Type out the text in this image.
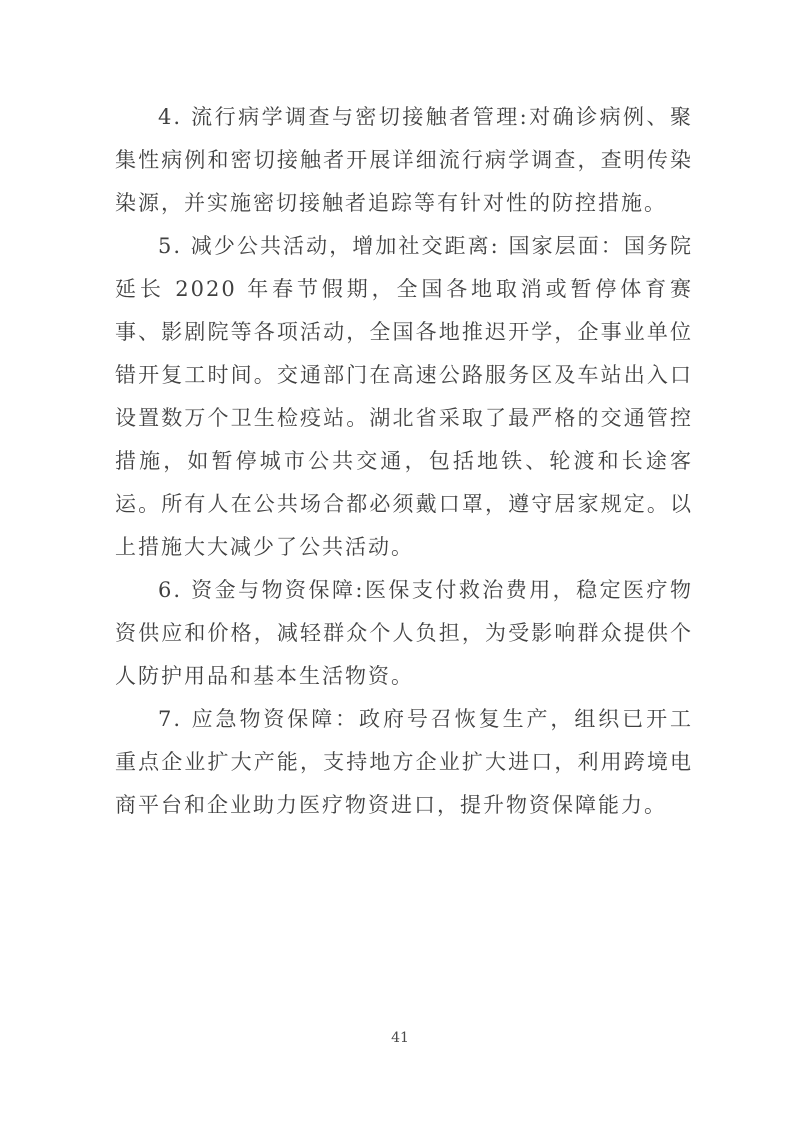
4. 流行病学调查与密切接触者管理:对确诊病例、聚集性病例和密切接触者开展详细流行病学调查，查明传染染源，并实施密切接触者追踪等有针对性的防控措施。

5. 减少公共活动，增加社交距离: 国家层面：国务院延长 2020 年春节假期，全国各地取消或暂停体育赛事、影剧院等各项活动，全国各地推迟开学，企事业单位错开复工时间。交通部门在高速公路服务区及车站出入口设置数万个卫生检疫站。湖北省采取了最严格的交通管控措施，如暂停城市公共交通，包括地铁、轮渡和长途客运。所有人在公共场合都必须戴口罩，遵守居家规定。以上措施大大减少了公共活动。

6. 资金与物资保障:医保支付救治费用，稳定医疗物资供应和价格，减轻群众个人负担，为受影响群众提供个人防护用品和基本生活物资。

7. 应急物资保障：政府号召恢复生产，组织已开工重点企业扩大产能，支持地方企业扩大进口，利用跨境电商平台和企业助力医疗物资进口，提升物资保障能力。

41
